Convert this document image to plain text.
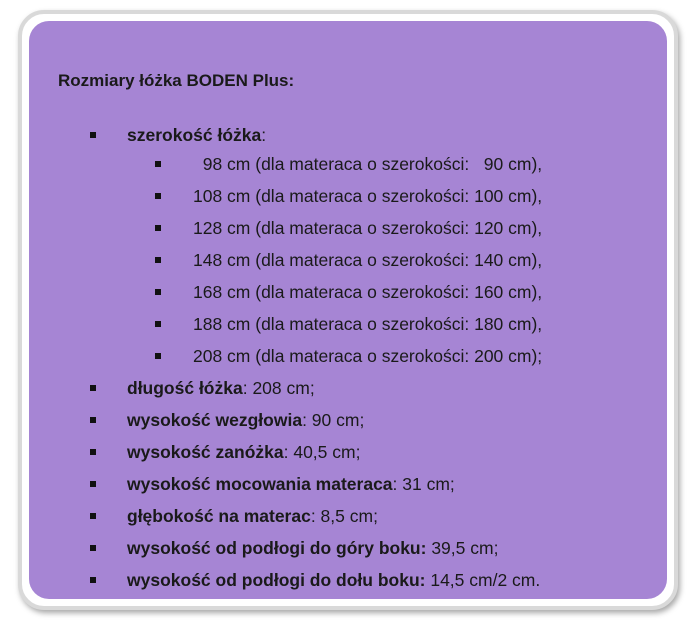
Rozmiary łóżka BODEN Plus:
szerokość łóżka:
98 cm (dla materaca o szerokości:   90 cm),
108 cm (dla materaca o szerokości: 100 cm),
128 cm (dla materaca o szerokości: 120 cm),
148 cm (dla materaca o szerokości: 140 cm),
168 cm (dla materaca o szerokości: 160 cm),
188 cm (dla materaca o szerokości: 180 cm),
208 cm (dla materaca o szerokości: 200 cm);
długość łóżka: 208 cm;
wysokość wezgłowia: 90 cm;
wysokość zanóżka: 40,5 cm;
wysokość mocowania materaca: 31 cm;
głębokość na materac: 8,5 cm;
wysokość od podłogi do góry boku: 39,5 cm;
wysokość od podłogi do dołu boku: 14,5 cm/2 cm.
